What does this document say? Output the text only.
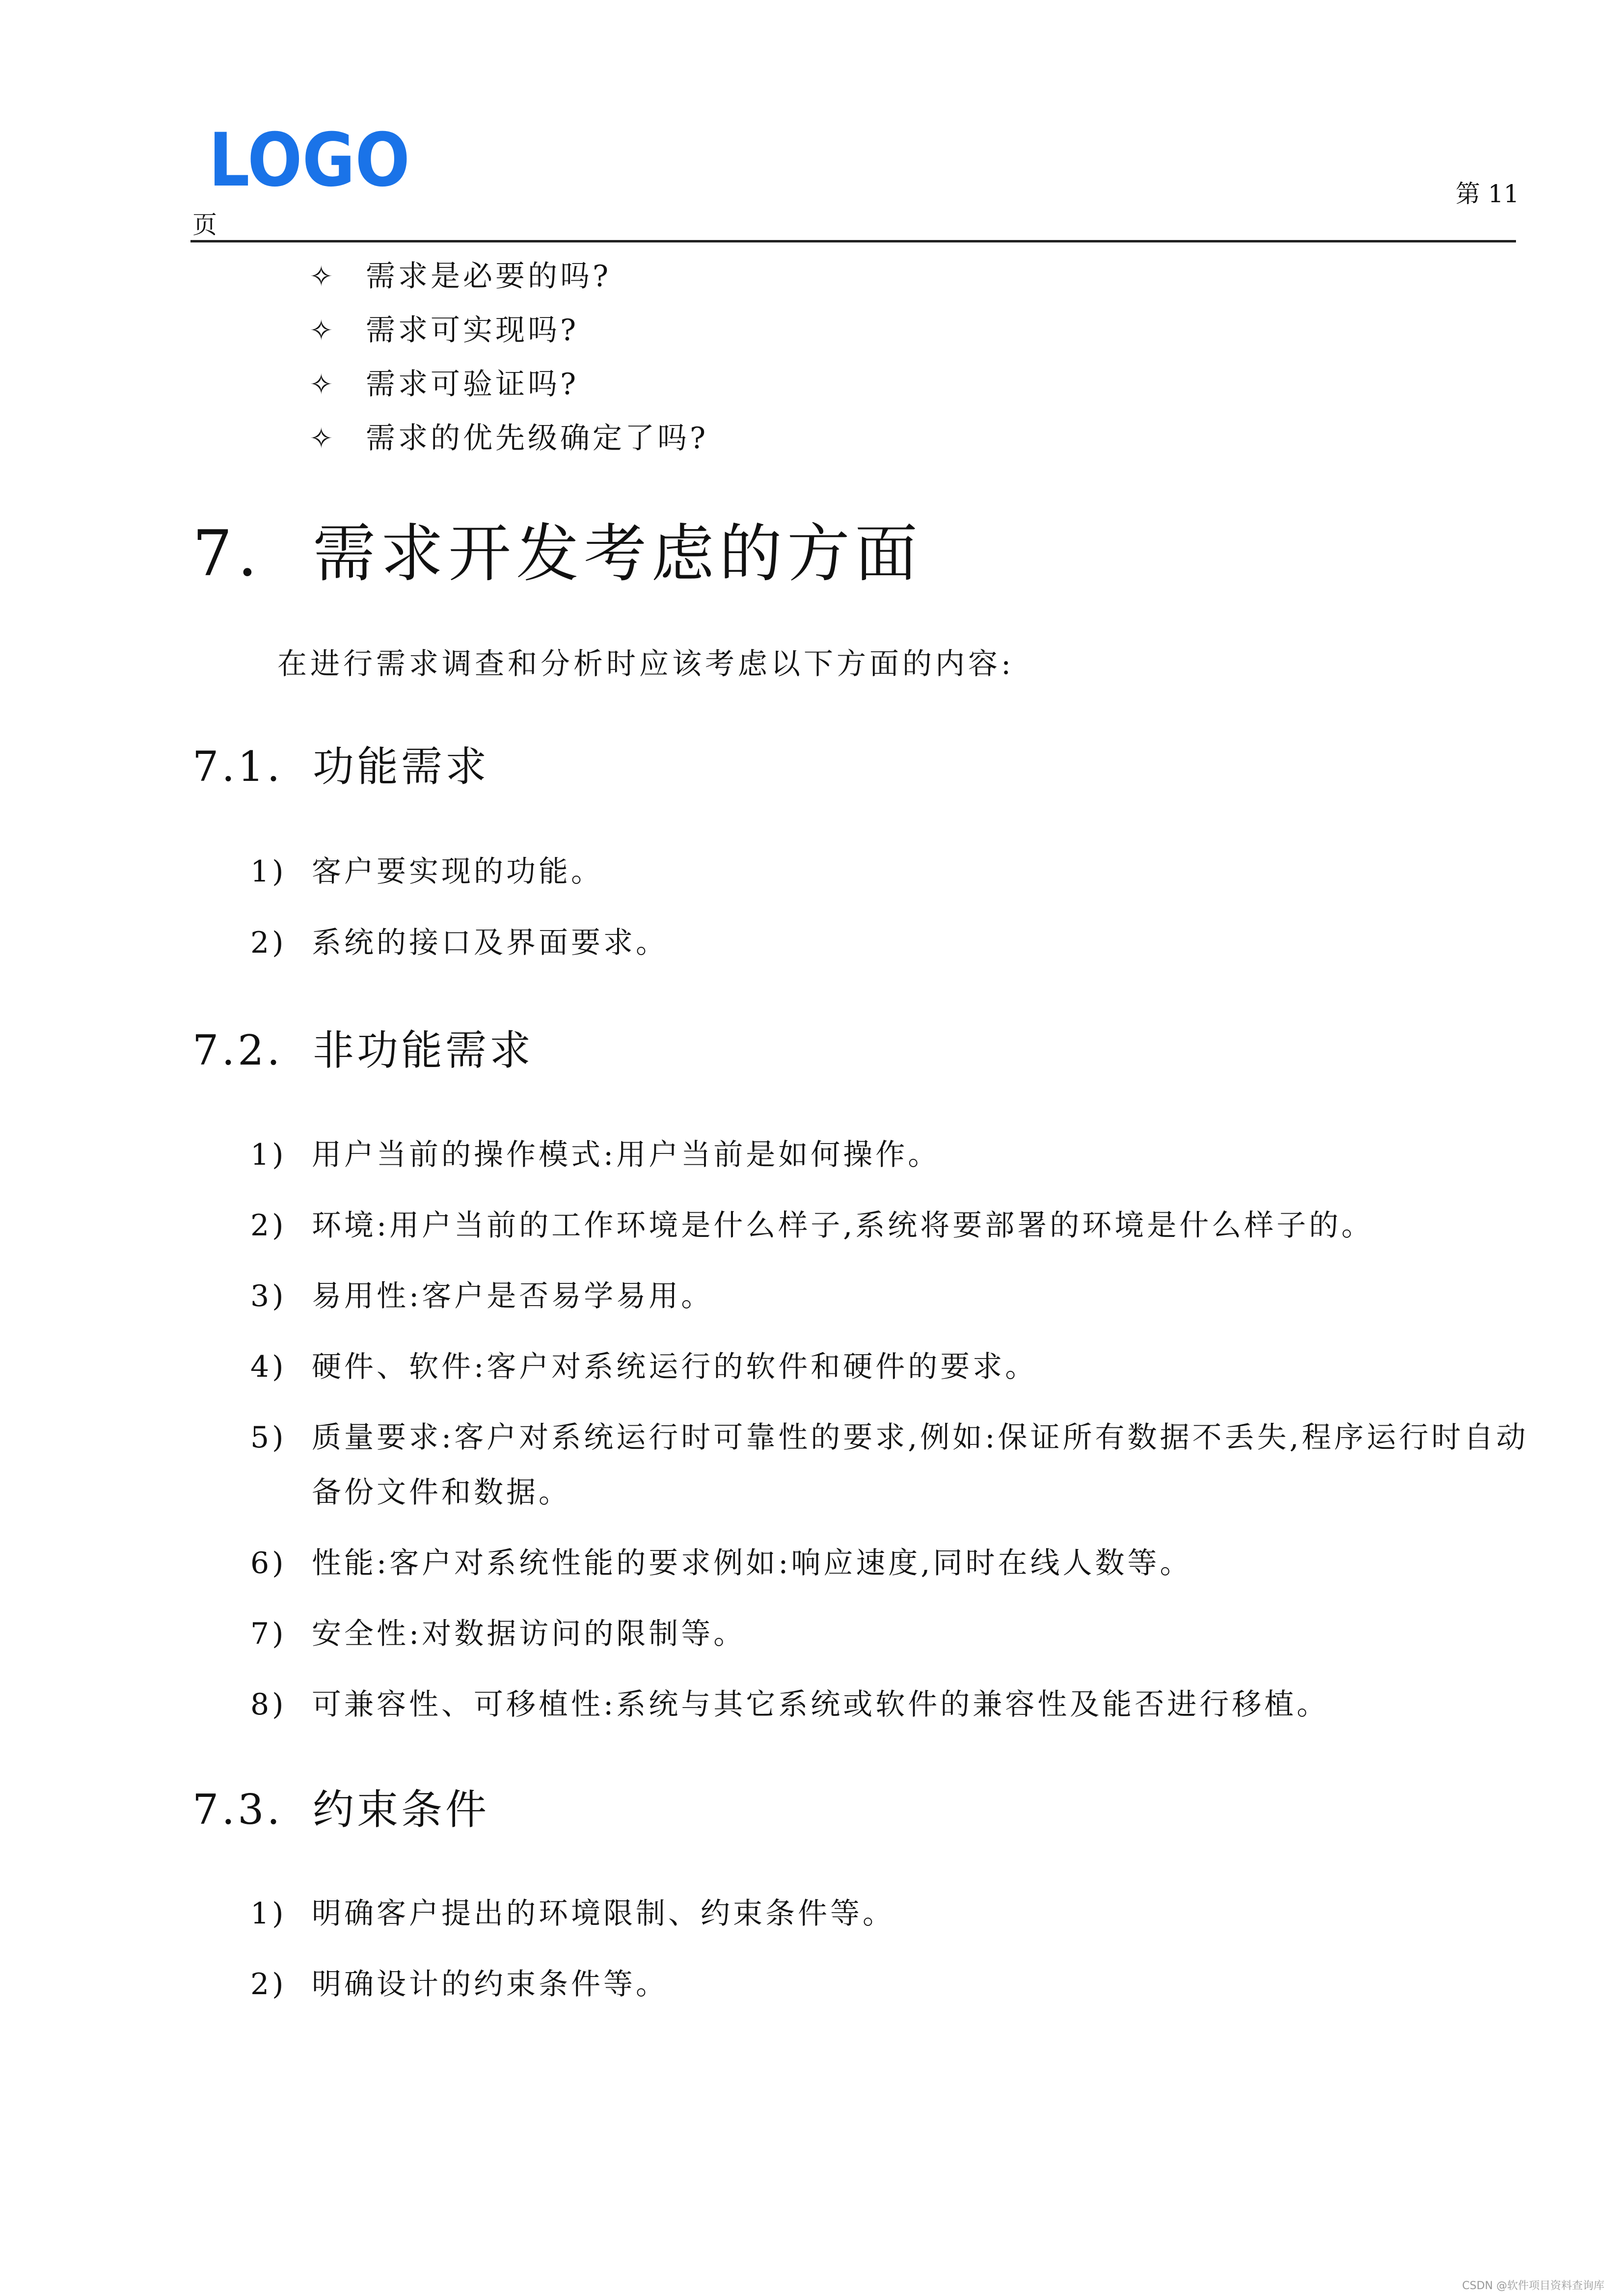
LOGO	第 11
页
✧ 需求是必要的吗?
✧ 需求可实现吗?
✧ 需求可验证吗?
✧ 需求的优先级确定了吗?
7. 需求开发考虑的方面
在进行需求调查和分析时应该考虑以下方面的内容:
7.1. 功能需求
1) 客户要实现的功能。
2) 系统的接口及界面要求。
7.2. 非功能需求
1) 用户当前的操作模式:用户当前是如何操作。
2) 环境:用户当前的工作环境是什么样子,系统将要部署的环境是什么样子的。
3) 易用性:客户是否易学易用。
4) 硬件、软件:客户对系统运行的软件和硬件的要求。
5) 质量要求:客户对系统运行时可靠性的要求,例如:保证所有数据不丢失,程序运行时自动备份文件和数据。
6) 性能:客户对系统性能的要求例如:响应速度,同时在线人数等。
7) 安全性:对数据访问的限制等。
8) 可兼容性、可移植性:系统与其它系统或软件的兼容性及能否进行移植。
7.3. 约束条件
1) 明确客户提出的环境限制、约束条件等。
2) 明确设计的约束条件等。
CSDN @软件项目资料查询库
